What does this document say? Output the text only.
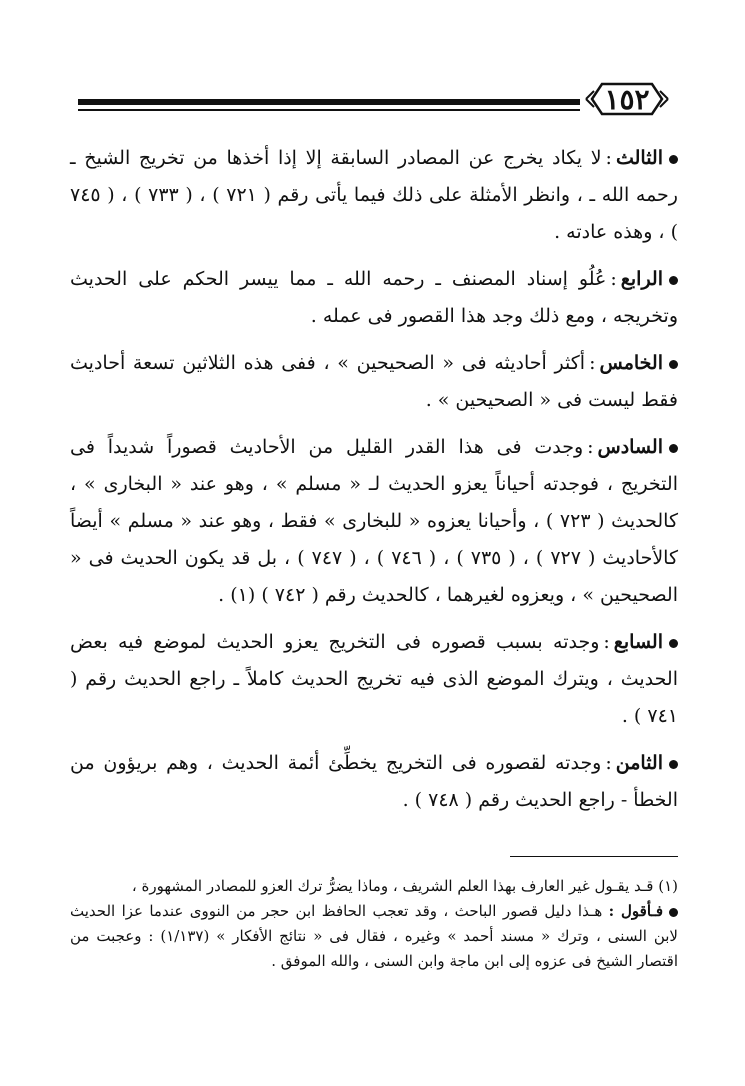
١٥٢

الثالث:لا يكاد يخرج عن المصادر السابقة إلا إذا أخذها من تخريج الشيخ ـ رحمه الله ـ ، وانظر الأمثلة على ذلك فيما يأتى رقم ( ٧٢١ ) ، ( ٧٣٣ ) ، ( ٧٤٥ ) ، وهذه عادته .

الرابع:عُلُو إسناد المصنف ـ رحمه الله ـ مما ييسر الحكم على الحديث وتخريجه ، ومع ذلك وجد هذا القصور فى عمله .

الخامس:أكثر أحاديثه فى « الصحيحين » ، ففى هذه الثلاثين تسعة أحاديث فقط ليست فى « الصحيحين » .

السادس:وجدت فى هذا القدر القليل من الأحاديث قصوراً شديداً فى التخريج ، فوجدته أحياناً يعزو الحديث لـ « مسلم » ، وهو عند « البخارى » ، كالحديث ( ٧٢٣ ) ، وأحيانا يعزوه « للبخارى » فقط ، وهو عند « مسلم » أيضاً كالأحاديث ( ٧٢٧ ) ، ( ٧٣٥ ) ، ( ٧٤٦ ) ، ( ٧٤٧ ) ، بل قد يكون الحديث فى « الصحيحين » ، ويعزوه لغيرهما ، كالحديث رقم ( ٧٤٢ ) (١) .

السابع:وجدته بسبب قصوره فى التخريج يعزو الحديث لموضع فيه بعض الحديث ، ويترك الموضع الذى فيه تخريج الحديث كاملاً ـ راجع الحديث رقم ( ٧٤١ ) .

الثامن:وجدته لقصوره فى التخريج يخطِّئ أئمة الحديث ، وهم بريؤون من الخطأ - راجع الحديث رقم ( ٧٤٨ ) .

(١) قـد يقـول غير العارف بهذا العلم الشريف ، وماذا يضرُّ ترك العزو للمصادر المشهورة ،
فـأقول : هـذا دليل قصور الباحث ، وقد تعجب الحافظ ابن حجر من النووى عندما عزا الحديث لابن السنى ، وترك « مسند أحمد » وغيره ، فقال فى « نتائج الأفكار » (١/١٣٧) : وعجبت من اقتصار الشيخ فى عزوه إلى ابن ماجة وابن السنى ، والله الموفق .
